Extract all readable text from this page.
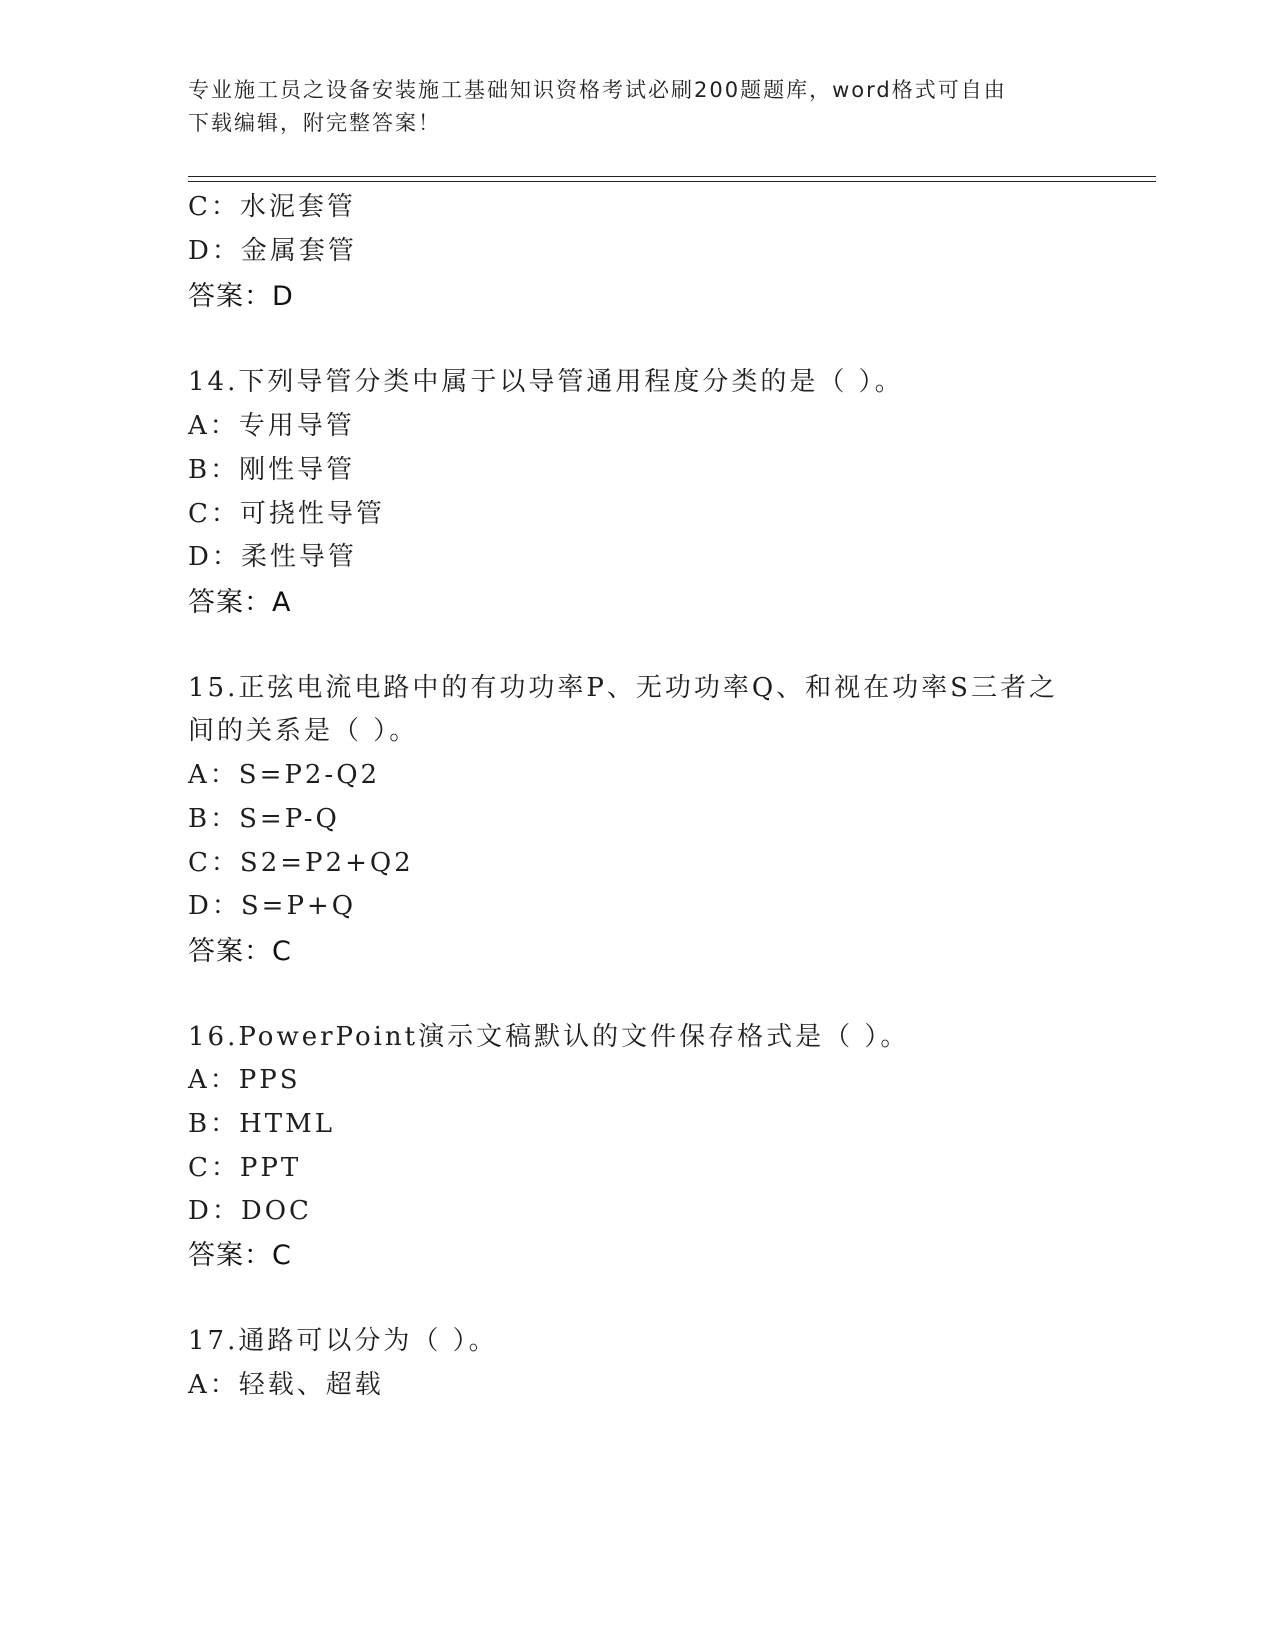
专业施工员之设备安装施工基础知识资格考试必刷200题题库，word格式可自由
下载编辑，附完整答案！
C：水泥套管
D：金属套管
答案：D
14.下列导管分类中属于以导管通用程度分类的是（ ）。
A：专用导管
B：刚性导管
C：可挠性导管
D：柔性导管
答案：A
15.正弦电流电路中的有功功率P、无功功率Q、和视在功率S三者之
间的关系是（ ）。
A：S=P2-Q2
B：S=P-Q
C：S2=P2+Q2
D：S=P+Q
答案：C
16.PowerPoint演示文稿默认的文件保存格式是（ ）。
A：PPS
B：HTML
C：PPT
D：DOC
答案：C
17.通路可以分为（ ）。
A：轻载、超载
